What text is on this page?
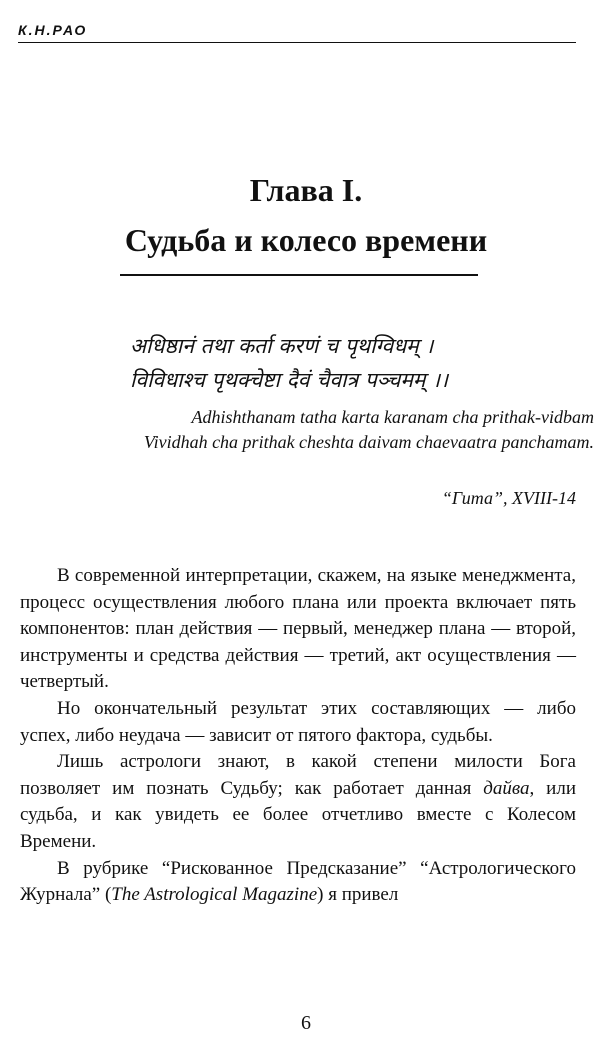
К.Н.РАО
Глава I.
Судьба и колесо времени
अधिष्ठानं तथा कर्ता करणं च पृथग्विधम् ।
विविधाश्च पृथक्चेष्टा दैवं चैवात्र पञ्चमम् ।।
Adhishthanam tatha karta karanam cha prithak-vidbam
Vividhah cha prithak cheshta daivam chaevaatra panchamam.
“Гита”, XVIII-14

В современной интерпретации, скажем, на языке менеджмента, процесс осуществления любого плана или проекта включает пять компонентов: план действия — первый, менеджер плана — второй, инструменты и средства действия — третий, акт осуществления — четвертый.

Но окончательный результат этих составляющих — либо успех, либо неудача — зависит от пятого фактора, судьбы.

Лишь астрологи знают, в какой степени милости Бога позволяет им познать Судьбу; как работает данная дайва, или судьба, и как увидеть ее более отчетливо вместе с Колесом Времени.

В рубрике “Рискованное Предсказание” “Астрологического Журнала” (The Astrological Magazine) я привел

6
